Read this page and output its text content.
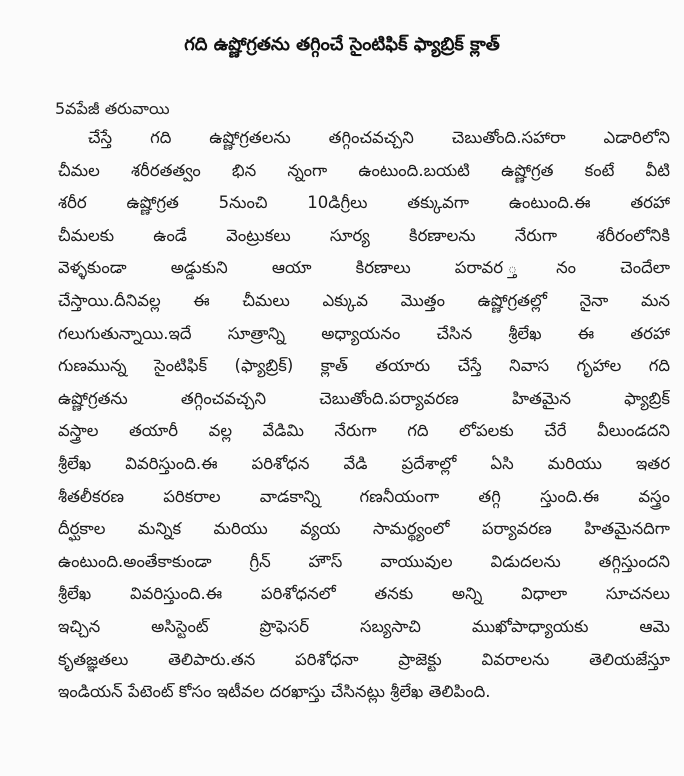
గది ఉష్ణోగ్రతను తగ్గించే సైంటిఫిక్ ఫ్యాబ్రిక్ క్లాత్
5వపేజీ తరువాయి
చేస్తే గది ఉష్ణోగ్రతలను తగ్గించవచ్చని చెబుతోంది.సహారా ఎడారిలోని
చీమల శరీరతత్వం భిన న్నంగా ఉంటుంది.బయటి ఉష్ణోగ్రత కంటే వీటి
శరీర ఉష్ణోగ్రత 5నుంచి 10డిగ్రీలు తక్కువగా ఉంటుంది.ఈ తరహా
చీమలకు ఉండే వెంట్రుకలు సూర్య కిరణాలను నేరుగా శరీరంలోనికి
వెళ్ళకుండా అడ్డుకుని ఆయా కిరణాలు పరావర ్తనం చెందేలా
చేస్తాయి.దీనివల్ల ఈ చీమలు ఎక్కువ మొత్తం ఉష్ణోగ్రతల్లో నైనా మన
గలుగుతున్నాయి.ఇదే సూత్రాన్ని అధ్యాయనం చేసిన శ్రీలేఖ ఈ తరహా
గుణమున్న సైంటిఫిక్ (ఫ్యాబ్రిక్) క్లాత్ తయారు చేస్తే నివాస గృహాల గది
ఉష్ణోగ్రతను తగ్గించవచ్చని చెబుతోంది.పర్యావరణ హితమైన ఫ్యాబ్రిక్
వస్త్రాల తయారీ వల్ల వేడిమి నేరుగా గది లోపలకు చేరే వీలుండదని
శ్రీలేఖ వివరిస్తుంది.ఈ పరిశోధన వేడి ప్రదేశాల్లో ఏసి మరియు ఇతర
శీతలీకరణ పరికరాల వాడకాన్ని గణనీయంగా తగ్గి స్తుంది.ఈ వస్త్రం
దీర్ఘకాల మన్నిక మరియు వ్యయ సామర్థ్యంలో పర్యావరణ హితమైనదిగా
ఉంటుంది.అంతేకాకుండా గ్రీన్ హౌస్ వాయువుల విడుదలను తగ్గిస్తుందని
శ్రీలేఖ వివరిస్తుంది.ఈ పరిశోధనలో తనకు అన్ని విధాలా సూచనలు
ఇచ్చిన అసిస్టెంట్ ప్రొఫెసర్ సబ్యసాచి ముఖోపాధ్యాయకు ఆమె
కృతజ్ఞతలు తెలిపారు.తన పరిశోధనా ప్రాజెక్టు వివరాలను తెలియజేస్తూ
ఇండియన్ పేటెంట్ కోసం ఇటీవల దరఖాస్తు చేసినట్లు శ్రీలేఖ తెలిపింది.
